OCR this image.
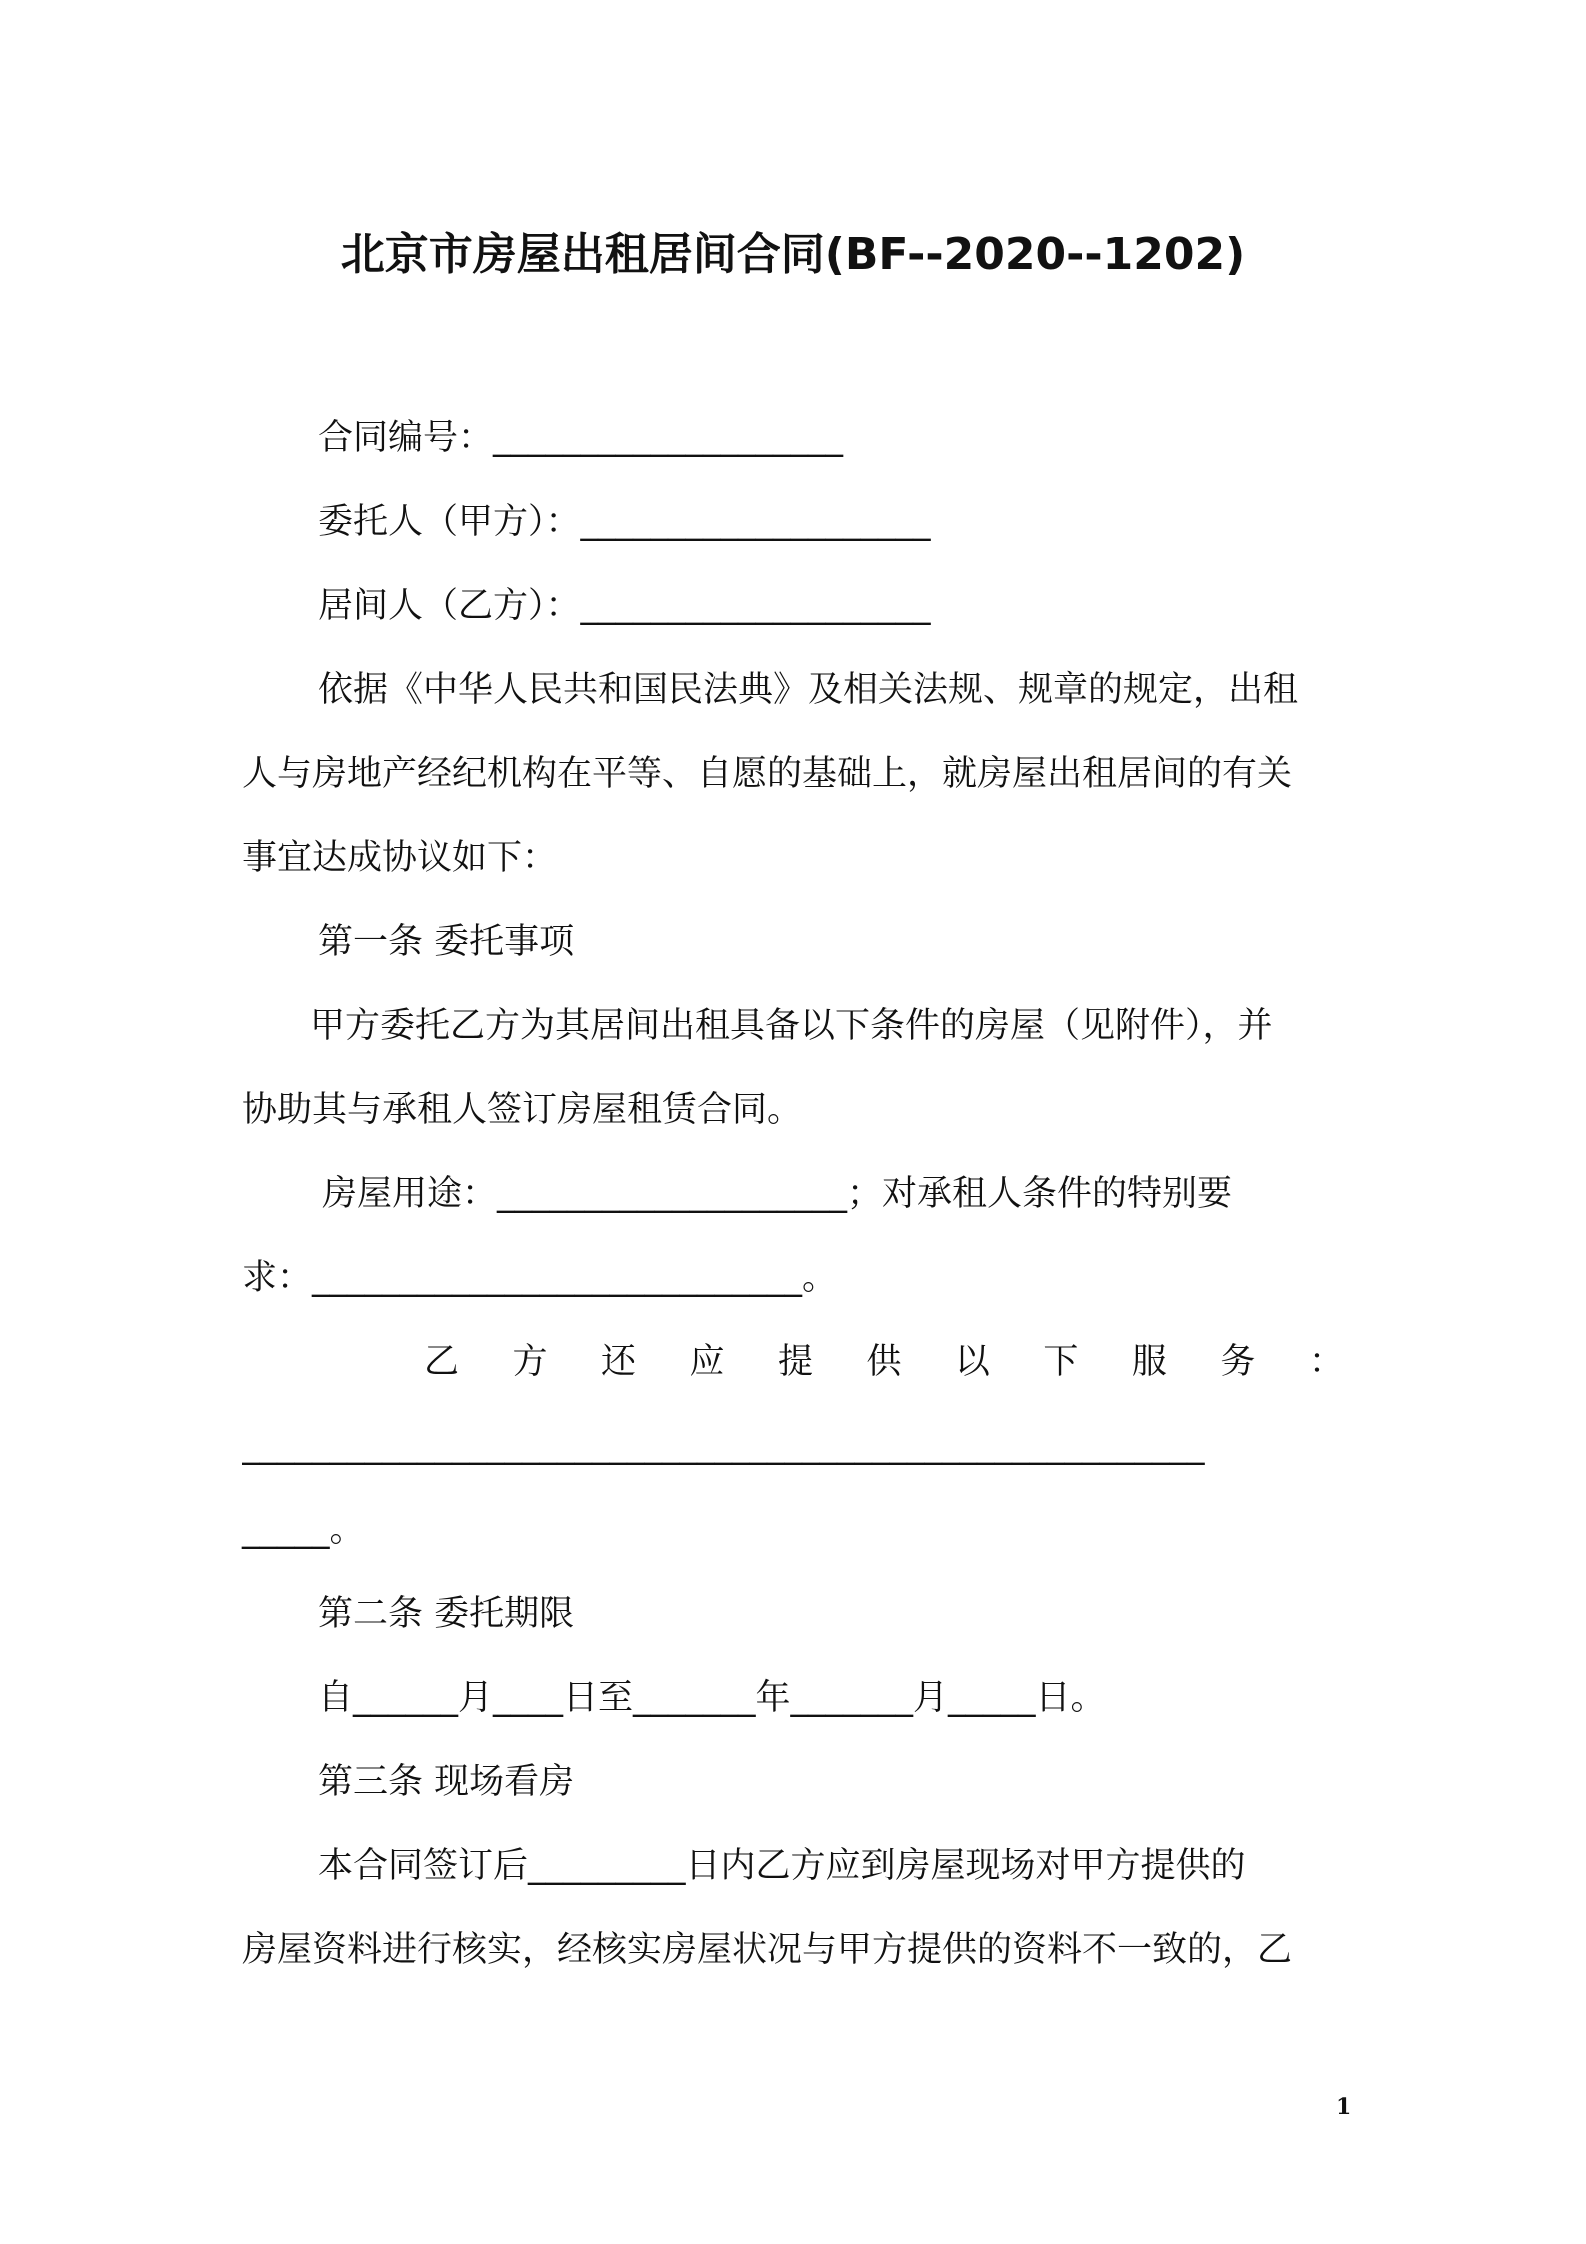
北京市房屋出租居间合同(BF--2020--1202)
合同编号：____________________
委托人（甲方）：____________________
居间人（乙方）：____________________
依据《中华人民共和国民法典》及相关法规、规章的规定，出租
人与房地产经纪机构在平等、自愿的基础上，就房屋出租居间的有关
事宜达成协议如下：
第一条 委托事项
甲方委托乙方为其居间出租具备以下条件的房屋（见附件），并
协助其与承租人签订房屋租赁合同。
房屋用途：____________________；对承租人条件的特别要
求：____________________________。
乙 方 还 应 提 供 以 下 服 务 ：
_______________________________________________________
_____。
第二条 委托期限
自______月____日至_______年_______月_____日。
第三条 现场看房
本合同签订后_________日内乙方应到房屋现场对甲方提供的
房屋资料进行核实，经核实房屋状况与甲方提供的资料不一致的，乙
1
